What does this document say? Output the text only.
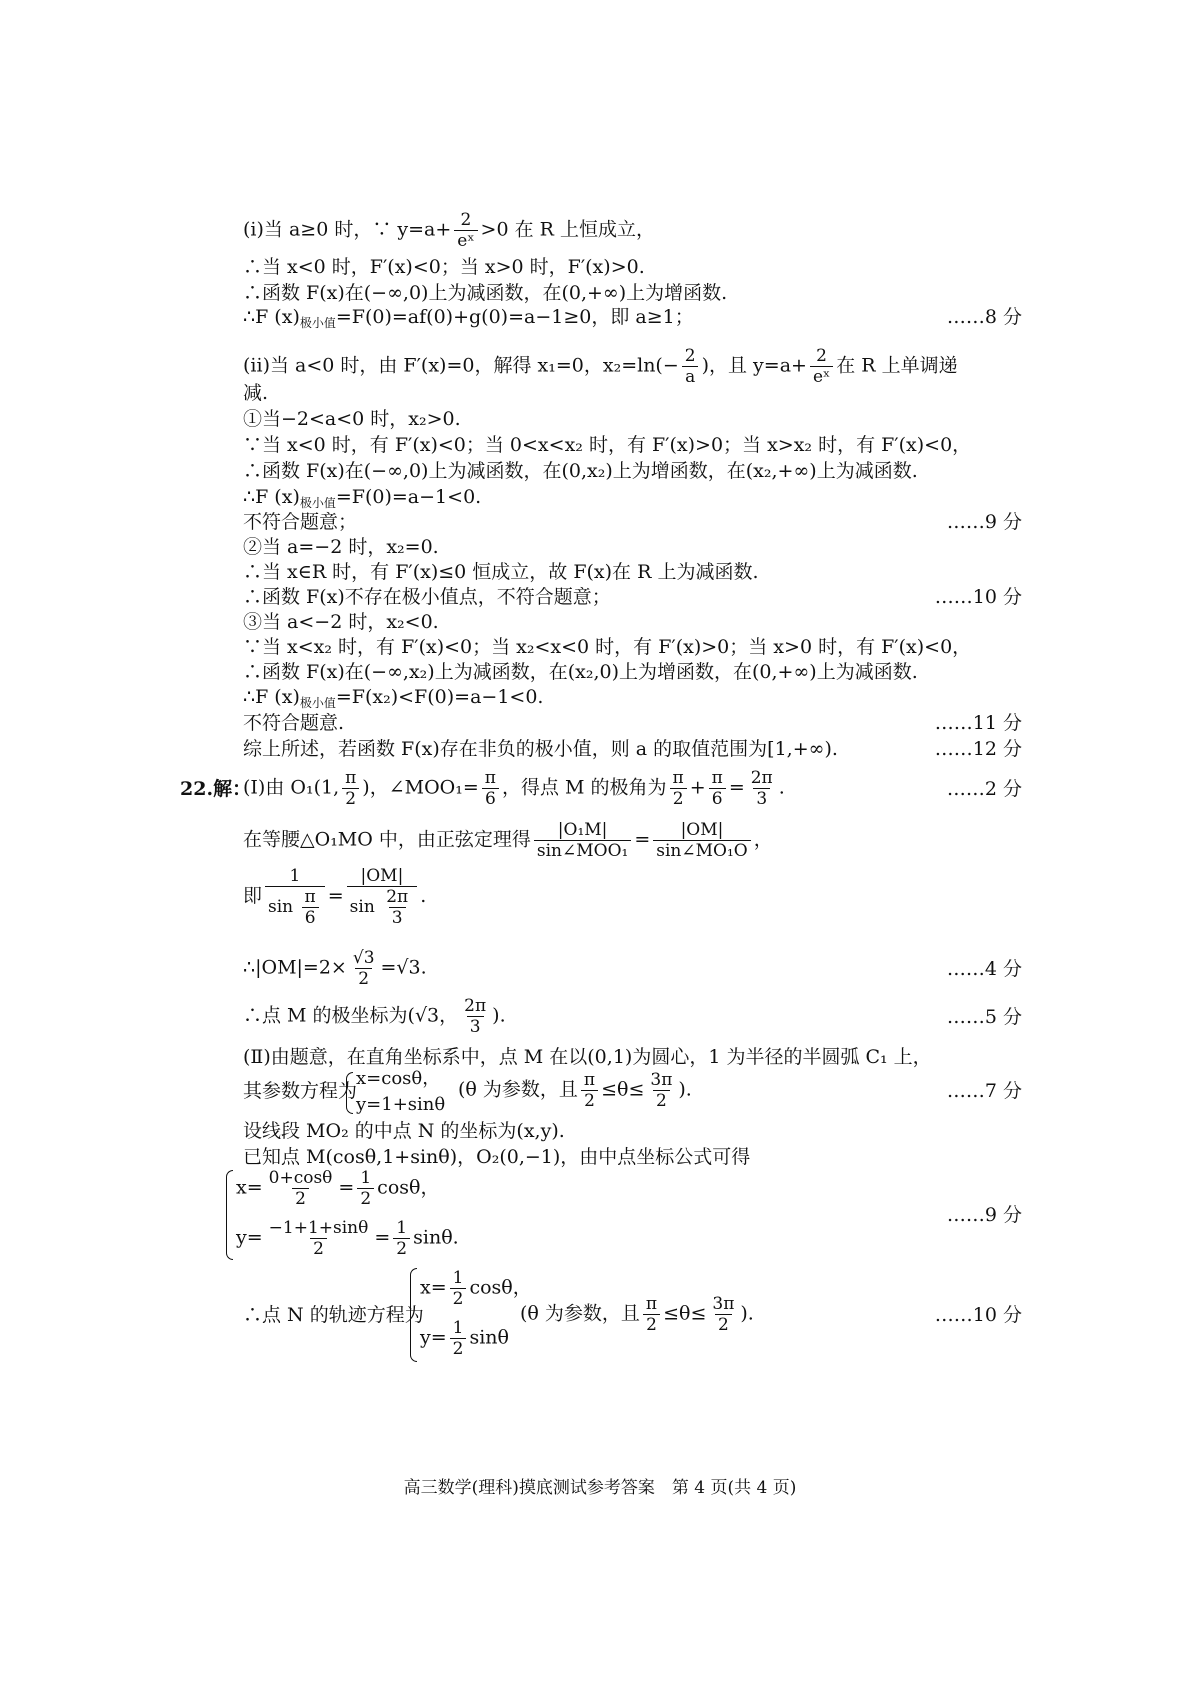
(i)当 a≥0 时，∵ $y=a+ \frac{2}{\text{eˣ}} >0$ 在 R 上恒成立，
∴当 x<0 时，F′(x)<0；当 x>0 时，F′(x)>0.
∴函数 F(x)在(−∞,0)上为减函数，在(0,+∞)上为增函数.
∴F $(x)_{极小值}=F(0)=af(0)+g(0)=a-1\ge 0$，即 a≥1；	……8 分
(ii)当 a<0 时，由 F′(x)=0，解得 x₁=0，$x_2=\ln(- \frac{2}{a}$ )，且 $y=a+ \frac{2}{\text{eˣ}}$ 在 R 上单调递
减.
①当−2<a<0 时，x₂>0.
∵当 x<0 时，有 F′(x)<0；当 0<x<x₂ 时，有 F′(x)>0；当 x>x₂ 时，有 F′(x)<0，
∴函数 F(x)在(−∞,0)上为减函数，在(0,x₂)上为增函数，在(x₂,+∞)上为减函数.
∴F $(x)_{极小值}=F(0)=a-1<0$.
不符合题意；	……9 分
②当 a=−2 时，x₂=0.
∴当 x∈R 时，有 F′(x)≤0 恒成立，故 F(x)在 R 上为减函数.
∴函数 F(x)不存在极小值点，不符合题意；	……10 分
③当 a<−2 时，x₂<0.
∵当 x<x₂ 时，有 F′(x)<0；当 x₂<x<0 时，有 F′(x)>0；当 x>0 时，有 F′(x)<0，
∴函数 F(x)在(−∞,x₂)上为减函数，在(x₂,0)上为增函数，在(0,+∞)上为减函数.
∴F $(x)_{极小值}=F(x_2)<F(0)=a-1<0$.
不符合题意.	……11 分
综上所述，若函数 F(x)存在非负的极小值，则 a 的取值范围为[1,+∞).	……12 分
22.解：
(Ⅰ)由 O₁(1, $\frac{\pi}{2}$ )，∠MOO₁= $\frac{\pi}{6}$ ，得点 M 的极角为 $\frac{\pi}{2} + \frac{\pi}{6} = \frac{2\pi}{3}$ .	……2 分
在等腰△O₁MO 中，由正弦定理得 |O₁M|
sin∠MOO₁
= $\frac{|OM|}{\text{sin∠MO₁O}}$ ，
即 $\frac{1}{\sin \frac{\pi}{6}} = \frac{|OM|}{\sin \frac{2\pi}{3}}$ .
∴|OM|=2× $\frac{√3}{2} =√3$.	……4 分
∴点 M 的极坐标为(√3， $\frac{2\pi}{3}$ ).	……5 分
(Ⅱ)由题意，在直角坐标系中，点 M 在以(0,1)为圆心，1 为半径的半圆弧 C₁ 上，
其参数方程为
x=cosθ，
y=1+sinθ
(θ 为参数，且 $\frac{\pi}{2} \le\theta\le \frac{3\pi}{2}$ ).	……7 分
设线段 MO₂ 的中点 N 的坐标为(x,y).
已知点 M(cosθ,1+sinθ)，O₂(0,−1)，由中点坐标公式可得
$x= \frac{0+\cos\theta}{2} = \frac{1}{2}$ cosθ，
$y= \frac{-1+1+\sin\theta}{2} = \frac{1}{2} \sin\theta$.
……9 分
∴点 N 的轨迹方程为
$x= \frac{1}{2}$ cosθ，
$y= \frac{1}{2}$ sinθ
(θ 为参数，且 $\frac{\pi}{2} \le\theta\le \frac{3\pi}{2}$ ).	……10 分
高三数学(理科)摸底测试参考答案　第 4 页(共 4 页)
